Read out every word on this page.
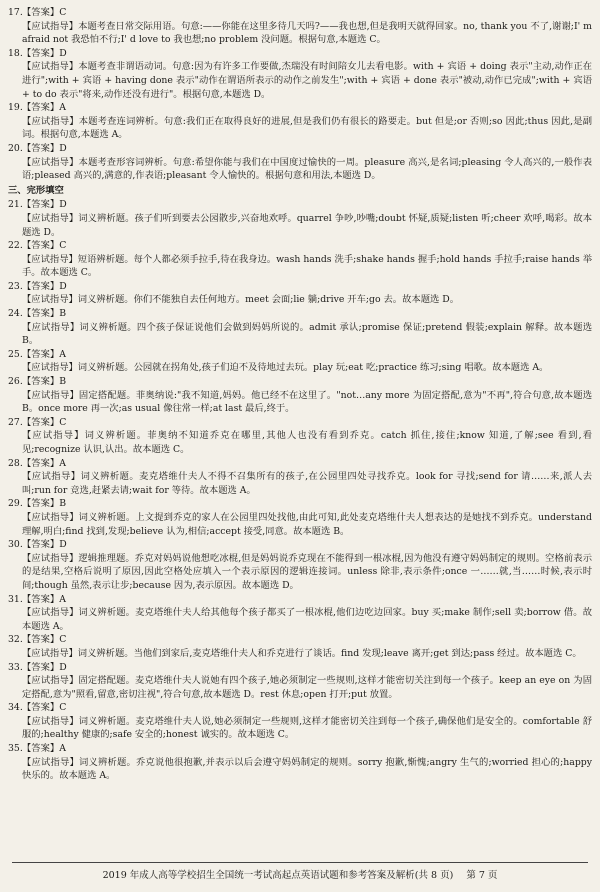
17.【答案】C
【应试指导】本题考查日常交际用语。句意:——你能在这里多待几天吗?——我也想,但是我明天就得回家。no, thank you 不了,谢谢;I' m afraid not 我恐怕不行;I' d love to 我也想;no problem 没问题。根据句意,本题选 C。
18.【答案】D
【应试指导】本题考查非谓语动词。句意:因为有许多工作要做,杰瑞没有时间陪女儿去看电影。with + 宾语 + doing 表示"主动,动作正在进行";with + 宾语 + having done 表示"动作在谓语所表示的动作之前发生";with + 宾语 + done 表示"被动,动作已完成";with + 宾语 + to do 表示"将来,动作还没有进行"。根据句意,本题选 D。
19.【答案】A
【应试指导】本题考查连词辨析。句意:我们正在取得良好的进展,但是我们仍有很长的路要走。but 但是;or 否则;so 因此;thus 因此,是副词。根据句意,本题选 A。
20.【答案】D
【应试指导】本题考查形容词辨析。句意:希望你能与我们在中国度过愉快的一周。pleasure 高兴,是名词;pleasing 令人高兴的,一般作表语;pleased 高兴的,满意的,作表语;pleasant 令人愉快的。根据句意和用法,本题选 D。
三、完形填空
21.【答案】D
【应试指导】词义辨析题。孩子们听到要去公园散步,兴奋地欢呼。quarrel 争吵,吵嘴;doubt 怀疑,质疑;listen 听;cheer 欢呼,喝彩。故本题选 D。
22.【答案】C
【应试指导】短语辨析题。每个人都必须手拉手,待在我身边。wash hands 洗手;shake hands 握手;hold hands 手拉手;raise hands 举手。故本题选 C。
23.【答案】D
【应试指导】词义辨析题。你们不能独自去任何地方。meet 会面;lie 躺;drive 开车;go 去。故本题选 D。
24.【答案】B
【应试指导】词义辨析题。四个孩子保证说他们会做到妈妈所说的。admit 承认;promise 保证;pretend 假装;explain 解释。故本题选 B。
25.【答案】A
【应试指导】词义辨析题。公园就在拐角处,孩子们迫不及待地过去玩。play 玩;eat 吃;practice 练习;sing 唱歌。故本题选 A。
26.【答案】B
【应试指导】固定搭配题。菲奥纳说:"我不知道,妈妈。他已经不在这里了。"not…any more 为固定搭配,意为"不再",符合句意,故本题选 B。once more 再一次;as usual 像往常一样;at last 最后,终于。
27.【答案】C
【应试指导】词义辨析题。菲奥纳不知道乔克在哪里,其他人也没有看到乔克。catch 抓住,接住;know 知道,了解;see 看到,看见;recognize 认识,认出。故本题选 C。
28.【答案】A
【应试指导】词义辨析题。麦克塔维什夫人不得不召集所有的孩子,在公园里四处寻找乔克。look for 寻找;send for 请……来,派人去叫;run for 竞选,赶紧去请;wait for 等待。故本题选 A。
29.【答案】B
【应试指导】词义辨析题。上文提到乔克的家人在公园里四处找他,由此可知,此处麦克塔维什夫人想表达的是她找不到乔克。understand 理解,明白;find 找到,发现;believe 认为,相信;accept 接受,同意。故本题选 B。
30.【答案】D
【应试指导】逻辑推理题。乔克对妈妈说他想吃冰棍,但是妈妈说乔克现在不能得到一根冰棍,因为他没有遵守妈妈制定的规则。空格前表示的是结果,空格后说明了原因,因此空格处应填入一个表示原因的逻辑连接词。unless 除非,表示条件;once 一……就,当……时候,表示时间;though 虽然,表示让步;because 因为,表示原因。故本题选 D。
31.【答案】A
【应试指导】词义辨析题。麦克塔维什夫人给其他每个孩子都买了一根冰棍,他们边吃边回家。buy 买;make 制作;sell 卖;borrow 借。故本题选 A。
32.【答案】C
【应试指导】词义辨析题。当他们到家后,麦克塔维什夫人和乔克进行了谈话。find 发现;leave 离开;get 到达;pass 经过。故本题选 C。
33.【答案】D
【应试指导】固定搭配题。麦克塔维什夫人说她有四个孩子,她必须制定一些规则,这样才能密切关注到每一个孩子。keep an eye on 为固定搭配,意为"照看,留意,密切注视",符合句意,故本题选 D。rest 休息;open 打开;put 放置。
34.【答案】C
【应试指导】词义辨析题。麦克塔维什夫人说,她必须制定一些规则,这样才能密切关注到每一个孩子,确保他们是安全的。comfortable 舒服的;healthy 健康的;safe 安全的;honest 诚实的。故本题选 C。
35.【答案】A
【应试指导】词义辨析题。乔克说他很抱歉,并表示以后会遵守妈妈制定的规则。sorry 抱歉,惭愧;angry 生气的;worried 担心的;happy 快乐的。故本题选 A。
2019 年成人高等学校招生全国统一考试高起点英语试题和参考答案及解析(共 8 页) 第 7 页
